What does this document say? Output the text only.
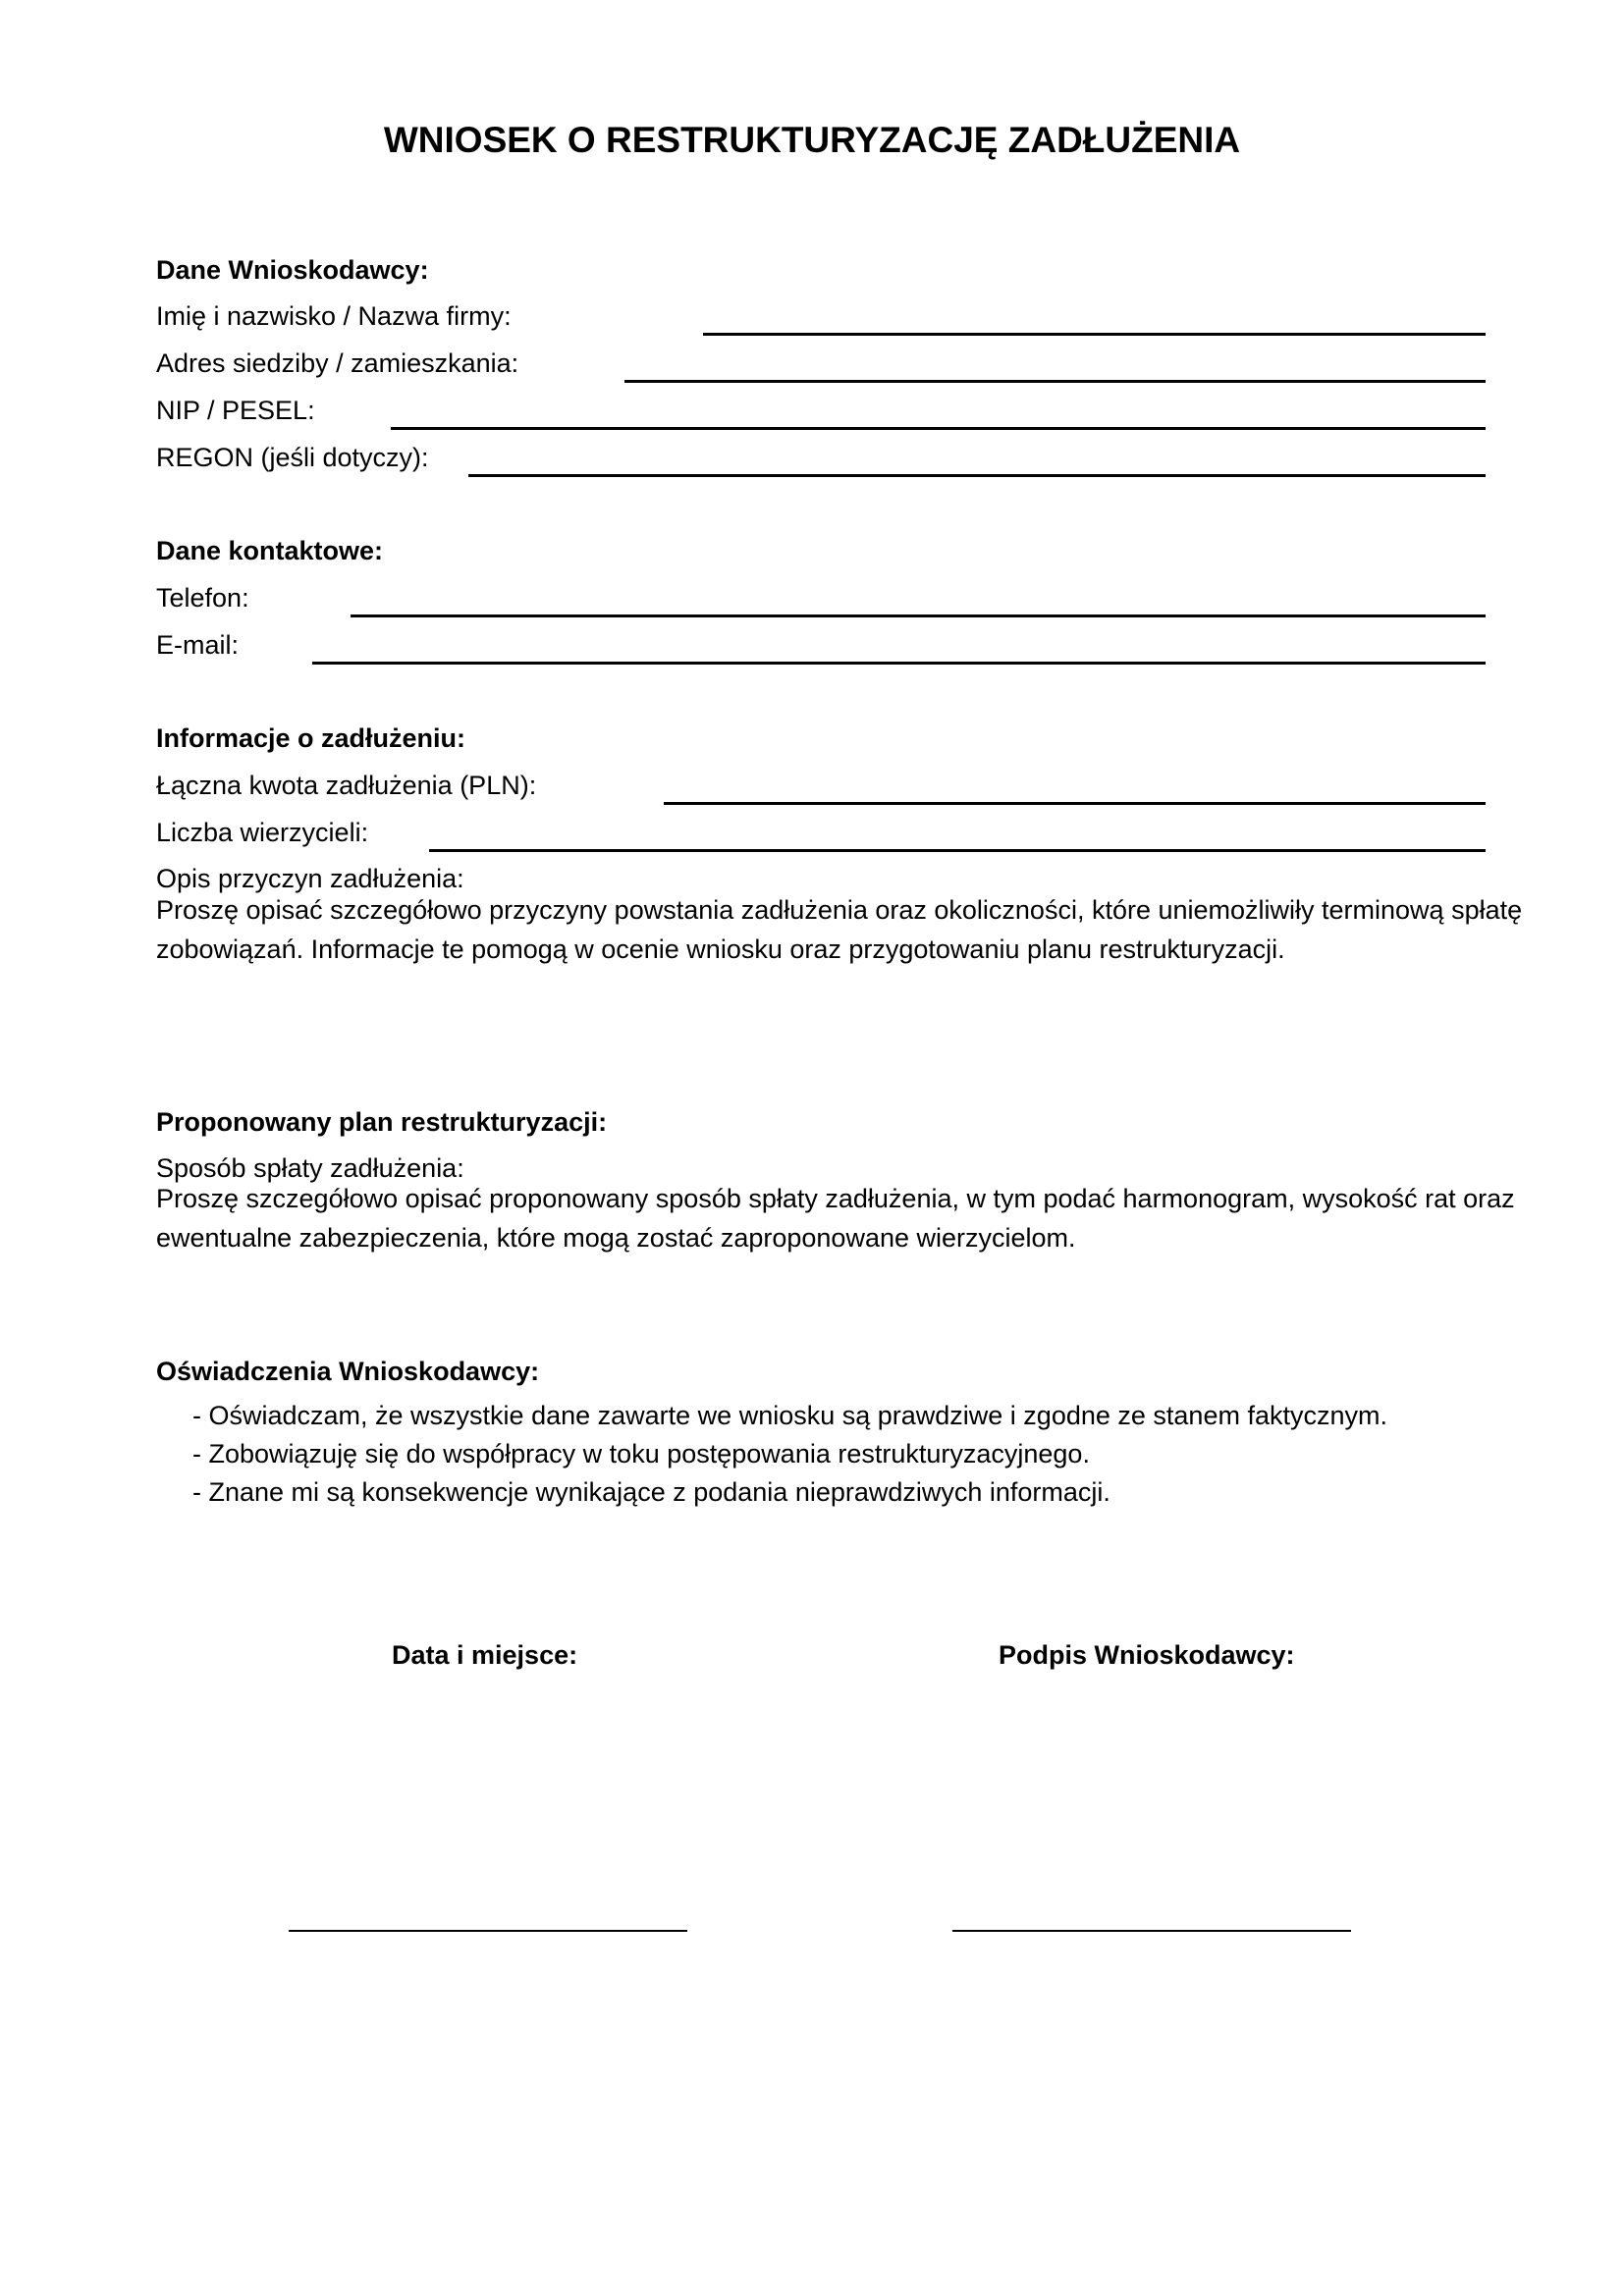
WNIOSEK O RESTRUKTURYZACJĘ ZADŁUŻENIA
Dane Wnioskodawcy:
Imię i nazwisko / Nazwa firmy:
Adres siedziby / zamieszkania:
NIP / PESEL:
REGON (jeśli dotyczy):
Dane kontaktowe:
Telefon:
E-mail:
Informacje o zadłużeniu:
Łączna kwota zadłużenia (PLN):
Liczba wierzycieli:
Opis przyczyn zadłużenia:
Proszę opisać szczegółowo przyczyny powstania zadłużenia oraz okoliczności, które uniemożliwiły terminową spłatę zobowiązań. Informacje te pomogą w ocenie wniosku oraz przygotowaniu planu restrukturyzacji.
Proponowany plan restrukturyzacji:
Sposób spłaty zadłużenia:
Proszę szczegółowo opisać proponowany sposób spłaty zadłużenia, w tym podać harmonogram, wysokość rat oraz ewentualne zabezpieczenia, które mogą zostać zaproponowane wierzycielom.
Oświadczenia Wnioskodawcy:
- Oświadczam, że wszystkie dane zawarte we wniosku są prawdziwe i zgodne ze stanem faktycznym.
- Zobowiązuję się do współpracy w toku postępowania restrukturyzacyjnego.
- Znane mi są konsekwencje wynikające z podania nieprawdziwych informacji.
Data i miejsce:	Podpis Wnioskodawcy:
